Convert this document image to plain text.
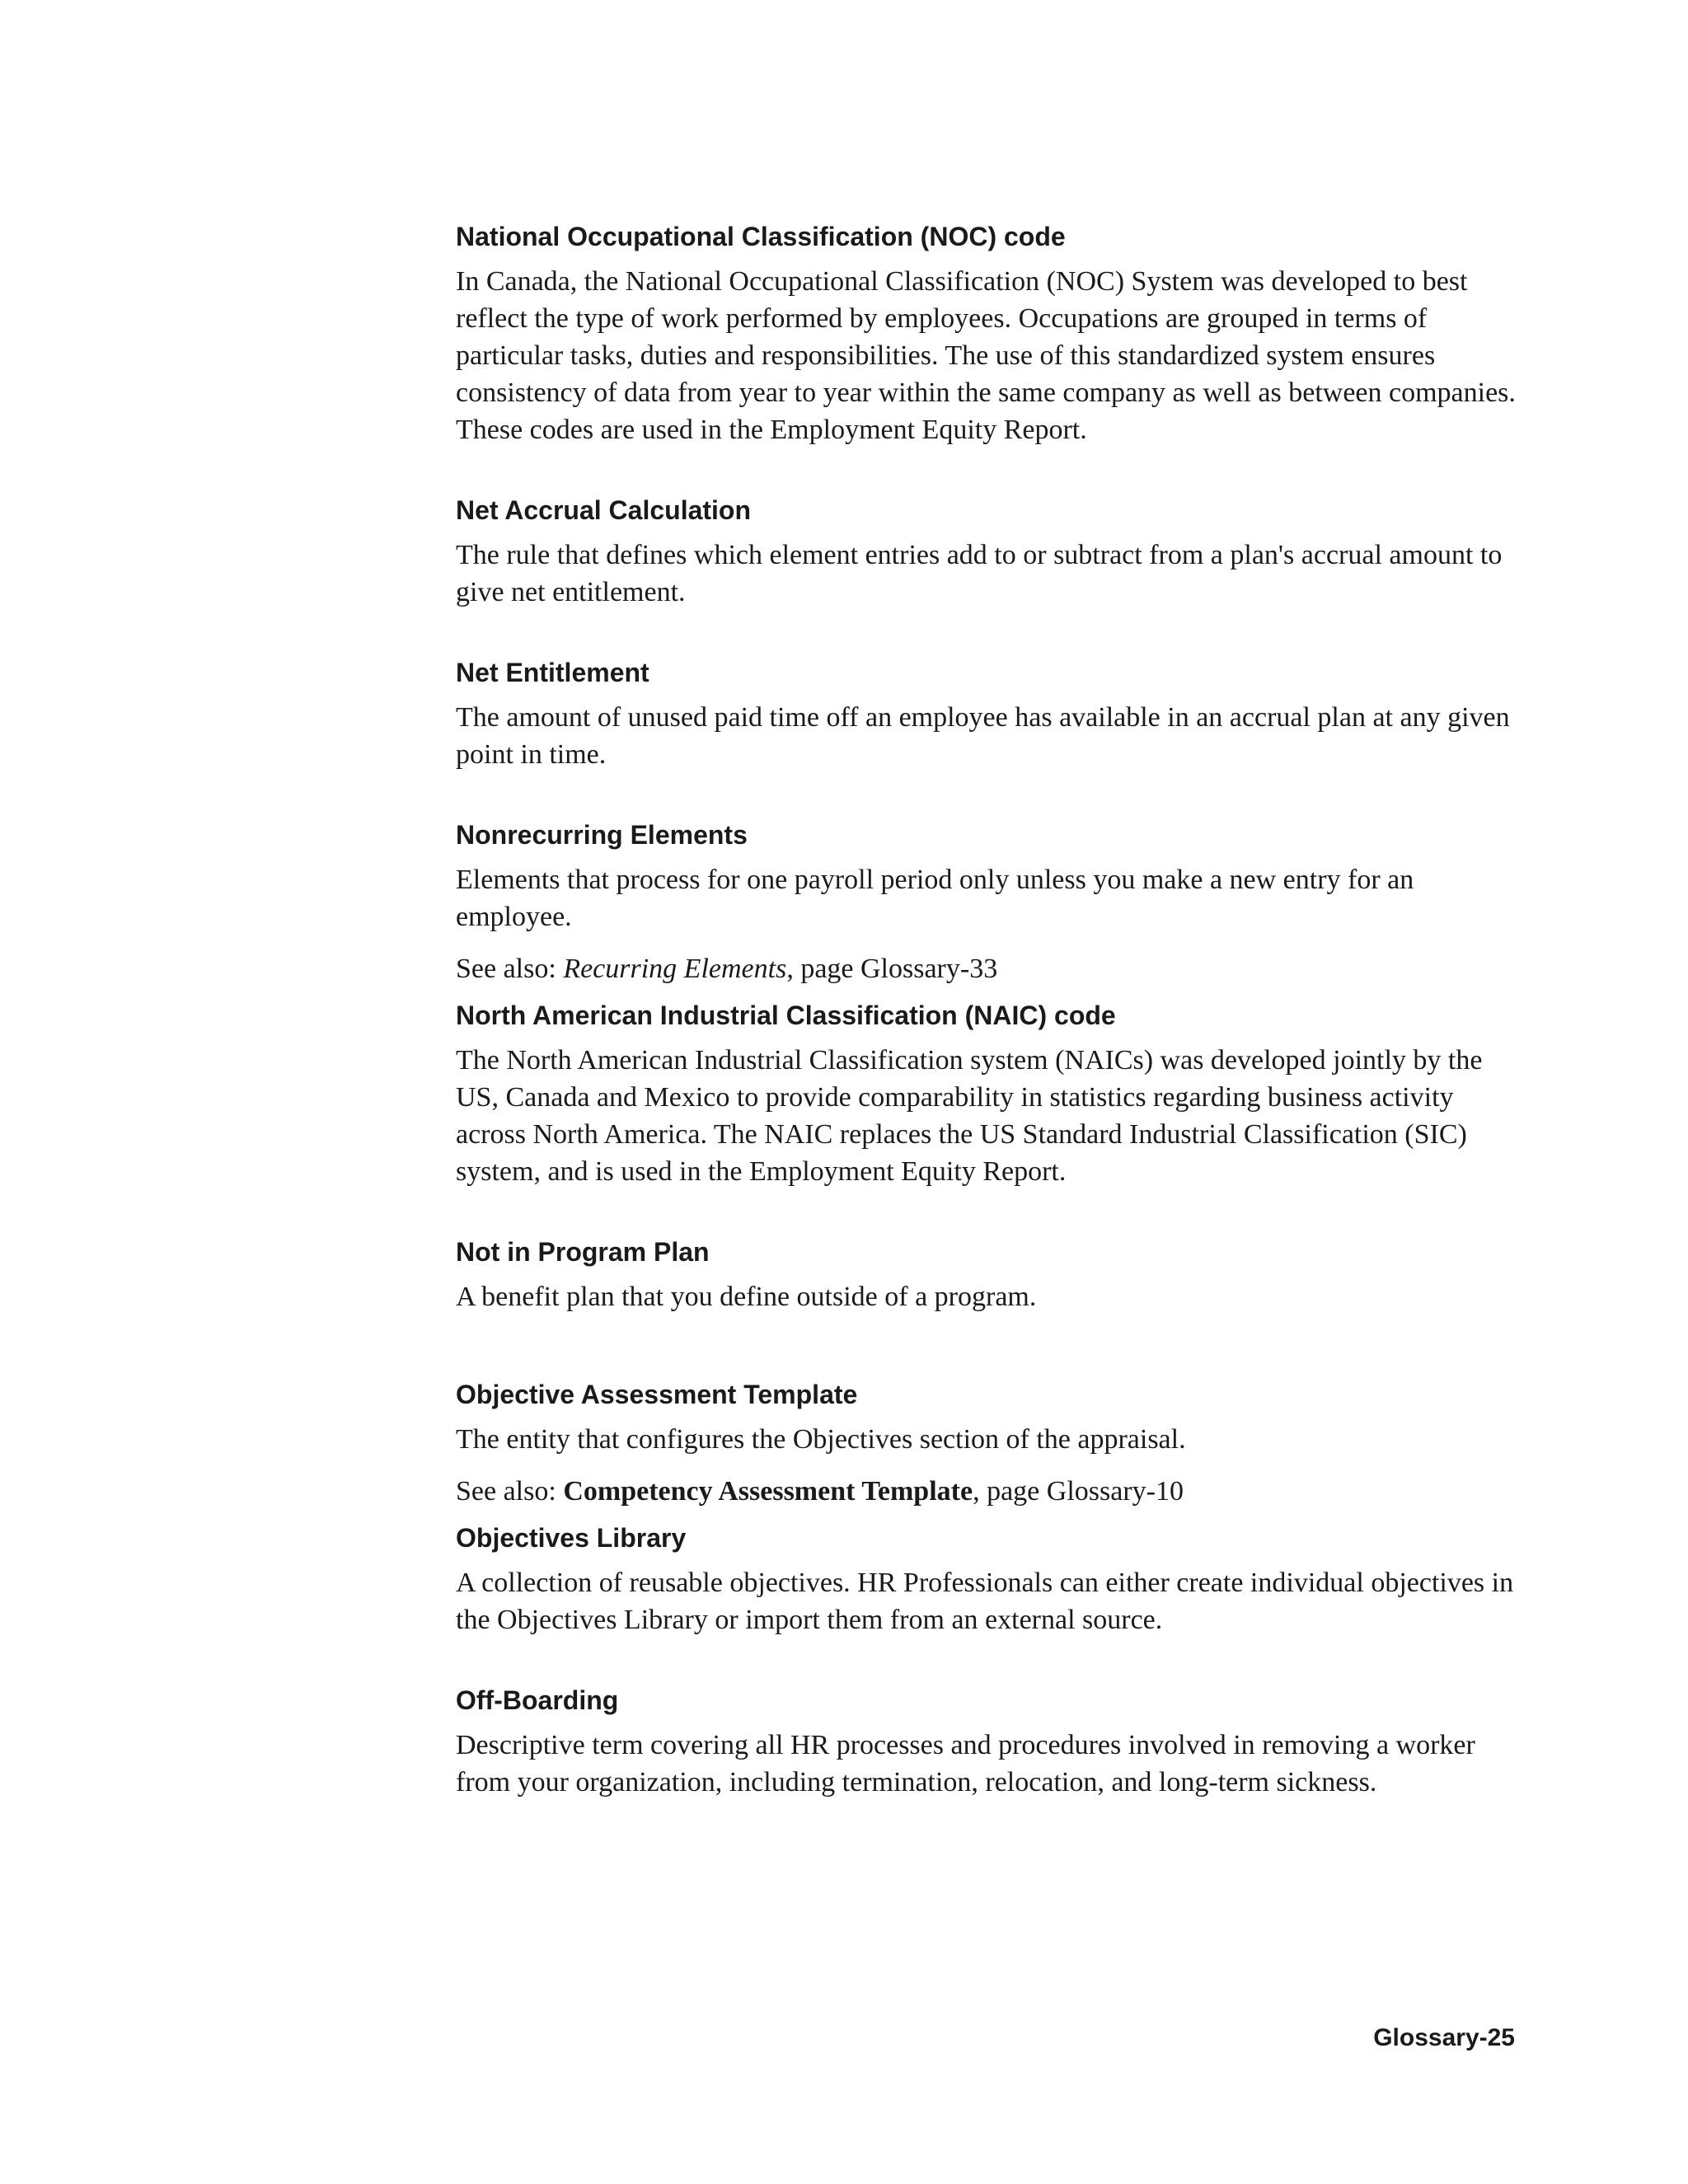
National Occupational Classification (NOC) code

In Canada, the National Occupational Classification (NOC) System was developed to best reflect the type of work performed by employees. Occupations are grouped in terms of particular tasks, duties and responsibilities. The use of this standardized system ensures consistency of data from year to year within the same company as well as between companies. These codes are used in the Employment Equity Report.

Net Accrual Calculation

The rule that defines which element entries add to or subtract from a plan's accrual amount to give net entitlement.

Net Entitlement

The amount of unused paid time off an employee has available in an accrual plan at any given point in time.

Nonrecurring Elements

Elements that process for one payroll period only unless you make a new entry for an employee.

See also: Recurring Elements, page Glossary-33

North American Industrial Classification (NAIC) code

The North American Industrial Classification system (NAICs) was developed jointly by the US, Canada and Mexico to provide comparability in statistics regarding business activity across North America. The NAIC replaces the US Standard Industrial Classification (SIC) system, and is used in the Employment Equity Report.

Not in Program Plan

A benefit plan that you define outside of a program.

Objective Assessment Template

The entity that configures the Objectives section of the appraisal.

See also: Competency Assessment Template, page Glossary-10

Objectives Library

A collection of reusable objectives. HR Professionals can either create individual objectives in the Objectives Library or import them from an external source.

Off-Boarding

Descriptive term covering all HR processes and procedures involved in removing a worker from your organization, including termination, relocation, and long-term sickness.

Glossary-25
